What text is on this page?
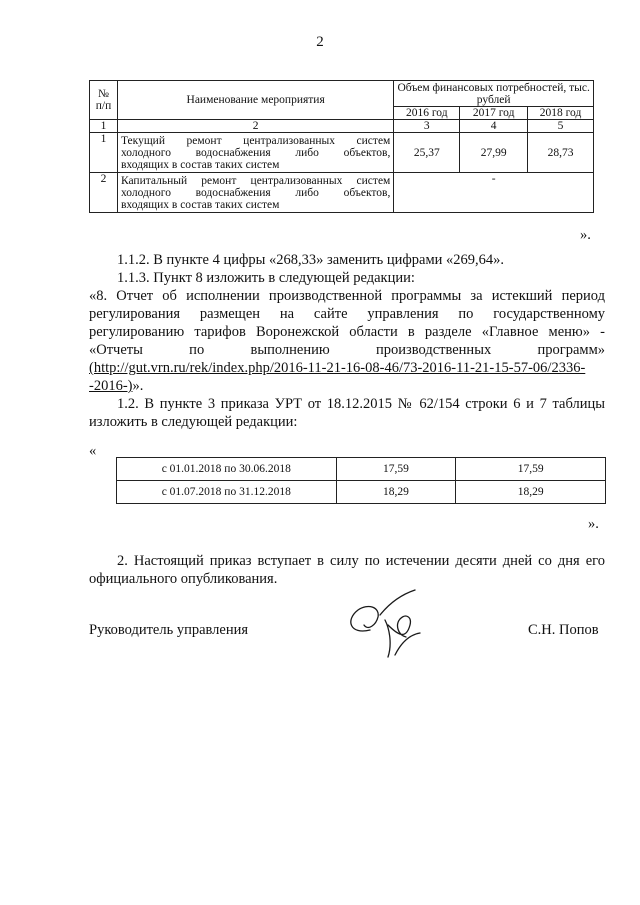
2
№ п/п	Наименование мероприятия	Объем финансовых потребностей, тыс. рублей		
		2016 год	2017 год	2018 год
1	2	3	4	5
1	Текущий ремонт централизованных систем
холодного водоснабжения либо объектов,
входящих в состав таких систем	25,37	27,99	28,73
2	Капитальный ремонт централизованных систем
холодного водоснабжения либо объектов,
входящих в состав таких систем	-		
».
1.1.2. В пункте 4 цифры «268,33» заменить цифрами «269,64».
1.1.3. Пункт 8 изложить в следующей редакции:
«8. Отчет об исполнении производственной программы за истекший период
регулирования размещен на сайте управления по государственному
регулированию тарифов Воронежской области в разделе «Главное меню» -
«Отчеты по выполнению производственных программ»
(http://gut.vrn.ru/rek/index.php/2016-11-21-16-08-46/73-2016-11-21-15-57-06/2336-
-2016-)».
1.2. В пункте 3 приказа УРТ от 18.12.2015 № 62/154 строки 6 и 7 таблицы
изложить в следующей редакции:
«
с 01.01.2018 по 30.06.2018	17,59	17,59
с 01.07.2018 по 31.12.2018	18,29	18,29
».
2. Настоящий приказ вступает в силу по истечении десяти дней со дня его
официального опубликования.
Руководитель управления	С.Н. Попов
